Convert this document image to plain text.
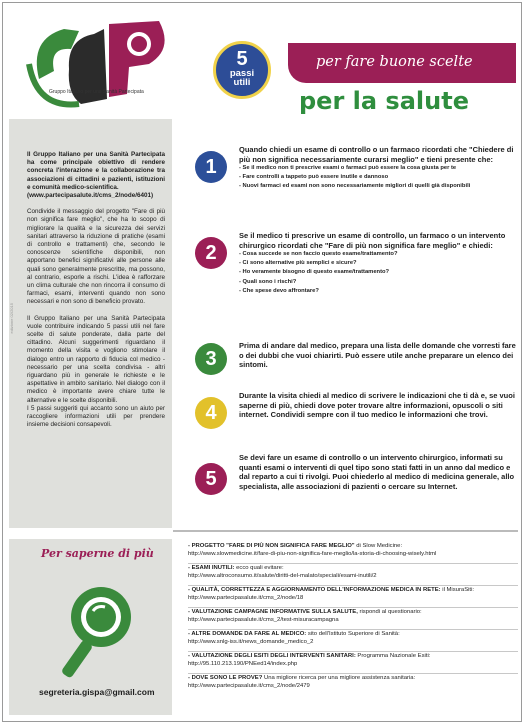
Gruppo Italiano per una Sanità Partecipata

Il Gruppo Italiano per una Sanità Partecipata ha come principale obiettivo di rendere concreta l'interazione e la collaborazione tra associazioni di cittadini e pazienti, istituzioni e comunità medico-scientifica.
(www.partecipasalute.it/cms_2/node/6401)

Condivide il messaggio del progetto "Fare di più non significa fare meglio", che ha lo scopo di migliorare la qualità e la sicurezza dei servizi sanitari attraverso la riduzione di pratiche (esami di controllo e trattamenti) che, secondo le conoscenze scientifiche disponibili, non apportano benefici significativi alle persone alle quali sono generalmente prescritte, ma possono, al contrario, esporle a rischi. L'idea è rafforzare un clima culturale che non rincorra il consumo di farmaci, esami, interventi quando non sono necessari e non sono di beneficio provato.

Il Gruppo Italiano per una Sanità Partecipata vuole contribuire indicando 5 passi utili nel fare scelte di salute ponderate, dalla parte del cittadino. Alcuni suggerimenti riguardano il momento della visita e vogliono stimolare il dialogo entro un rapporto di fiducia col medico - necessario per una scelta condivisa - altri riguardano più in generale le richieste e le aspettative in ambito sanitario. Nel dialogo con il medico è importante avere chiare tutte le alternative e le scelte disponibili.

I 5 passi suggeriti qui accanto sono un aiuto per raccogliere informazioni utili per prendere insieme decisioni consapevoli.

edizione 02/2015
5
passi
utili
per fare buone scelte
per la salute
1
Quando chiedi un esame di controllo o un farmaco ricordati che "Chiedere di più non significa necessariamente curarsi meglio" e tieni presente che:
- Se il medico non ti prescrive esami o farmaci può essere la cosa giusta per te
- Fare controlli a tappeto può essere inutile e dannoso
- Nuovi farmaci ed esami non sono necessariamente migliori di quelli già disponibili
2
Se il medico ti prescrive un esame di controllo, un farmaco o un intervento chirurgico ricordati che "Fare di più non significa fare meglio" e chiedi:
- Cosa succede se non faccio questo esame/trattamento?
- Ci sono alternative più semplici e sicure?
- Ho veramente bisogno di questo esame/trattamento?
- Quali sono i rischi?
- Che spese devo affrontare?
3
Prima di andare dal medico, prepara una lista delle domande che vorresti fare o dei dubbi che vuoi chiarirti. Può essere utile anche preparare un elenco dei sintomi.
4
Durante la visita chiedi al medico di scrivere le indicazioni che ti dà e, se vuoi saperne di più, chiedi dove poter trovare altre informazioni, opuscoli o siti internet. Condividi sempre con il tuo medico le informazioni che trovi.
5
Se devi fare un esame di controllo o un intervento chirurgico, informati su quanti esami o interventi di quel tipo sono stati fatti in un anno dal medico e dal reparto a cui ti rivolgi. Puoi chiederlo al medico di medicina generale, allo specialista, alle associazioni di pazienti o cercare su Internet.
Per saperne di più
segreteria.gispa@gmail.com
- PROGETTO "FARE DI PIÙ NON SIGNIFICA FARE MEGLIO" di Slow Medicine:
http://www.slowmedicine.it/fare-di-piu-non-significa-fare-meglio/la-storia-di-choosing-wisely.html
- ESAMI INUTILI: ecco quali evitare:
http://www.altroconsumo.it/salute/diritti-del-malato/speciali/esami-inutili/2
- QUALITÀ, CORRETTEZZA E AGGIORNAMENTO DELL'INFORMAZIONE MEDICA IN RETE: il MisuraSiti:
http://www.partecipasalute.it/cms_2/node/18
- VALUTAZIONE CAMPAGNE INFORMATIVE SULLA SALUTE, rispondi al questionario:
http://www.partecipasalute.it/cms_2/test-misuracampagna
- ALTRE DOMANDE DA FARE AL MEDICO: sito dell'Istituto Superiore di Sanità:
http://www.snlg-iss.it/news_domande_medico_2
- VALUTAZIONE DEGLI ESITI DEGLI INTERVENTI SANITARI: Programma Nazionale Esiti:
http://95.110.213.190/PNEed14/index.php
- DOVE SONO LE PROVE? Una migliore ricerca per una migliore assistenza sanitaria:
http://www.partecipasalute.it/cms_2/node/2479
